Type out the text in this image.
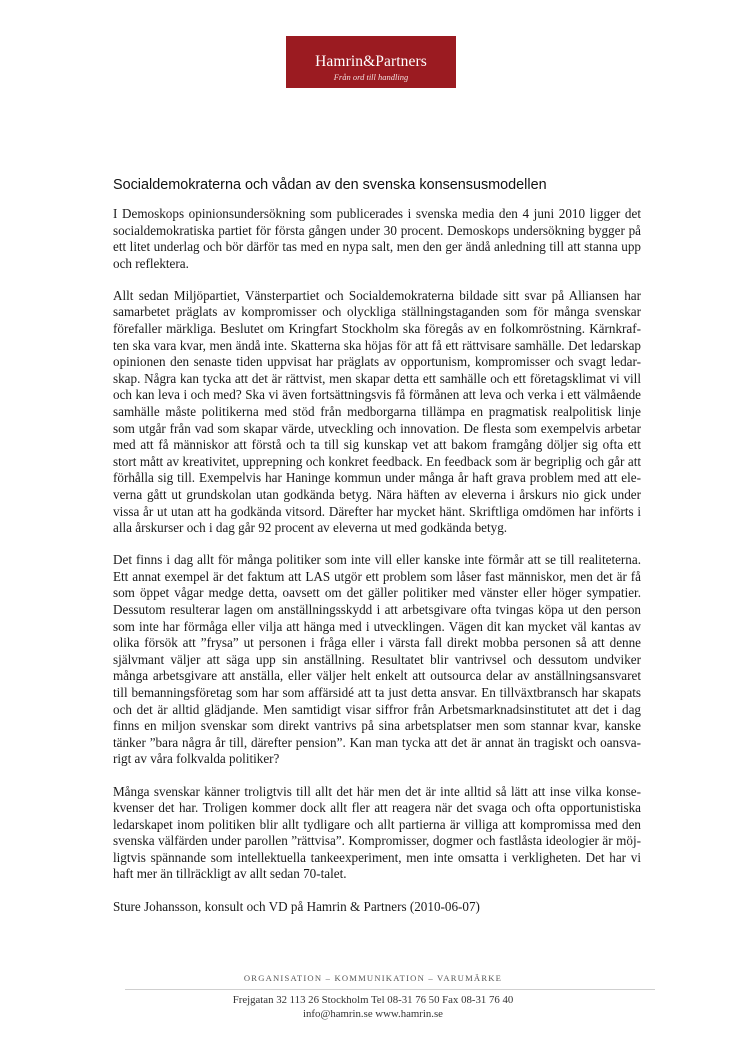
Hamrin&Partners
Från ord till handling
Socialdemokraterna och vådan av den svenska konsensusmodellen

I Demoskops opinionsundersökning som publicerades i svenska media den 4 juni 2010 ligger det
socialdemokratiska partiet för första gången under 30 procent. Demoskops undersökning bygger på
ett litet underlag och bör därför tas med en nypa salt, men den ger ändå anledning till att stanna upp
och reflektera.

Allt sedan Miljöpartiet, Vänsterpartiet och Socialdemokraterna bildade sitt svar på Alliansen har
samarbetet präglats av kompromisser och olyckliga ställningstaganden som för många svenskar
förefaller märkliga. Beslutet om Kringfart Stockholm ska föregås av en folkomröstning. Kärnkraf-
ten ska vara kvar, men ändå inte. Skatterna ska höjas för att få ett rättvisare samhälle. Det ledarskap
opinionen den senaste tiden uppvisat har präglats av opportunism, kompromisser och svagt ledar-
skap. Några kan tycka att det är rättvist, men skapar detta ett samhälle och ett företagsklimat vi vill
och kan leva i och med? Ska vi även fortsättningsvis få förmånen att leva och verka i ett välmående
samhälle måste politikerna med stöd från medborgarna tillämpa en pragmatisk realpolitisk linje
som utgår från vad som skapar värde, utveckling och innovation. De flesta som exempelvis arbetar
med att få människor att förstå och ta till sig kunskap vet att bakom framgång döljer sig ofta ett
stort mått av kreativitet, upprepning och konkret feedback. En feedback som är begriplig och går att
förhålla sig till. Exempelvis har Haninge kommun under många år haft grava problem med att ele-
verna gått ut grundskolan utan godkända betyg. Nära häften av eleverna i årskurs nio gick under
vissa år ut utan att ha godkända vitsord. Därefter har mycket hänt. Skriftliga omdömen har införts i
alla årskurser och i dag går 92 procent av eleverna ut med godkända betyg.

Det finns i dag allt för många politiker som inte vill eller kanske inte förmår att se till realiteterna.
Ett annat exempel är det faktum att LAS utgör ett problem som låser fast människor, men det är få
som öppet vågar medge detta, oavsett om det gäller politiker med vänster eller höger sympatier.
Dessutom resulterar lagen om anställningsskydd i att arbetsgivare ofta tvingas köpa ut den person
som inte har förmåga eller vilja att hänga med i utvecklingen. Vägen dit kan mycket väl kantas av
olika försök att ”frysa” ut personen i fråga eller i värsta fall direkt mobba personen så att denne
självmant väljer att säga upp sin anställning. Resultatet blir vantrivsel och dessutom undviker
många arbetsgivare att anställa, eller väljer helt enkelt att outsourca delar av anställningsansvaret
till bemanningsföretag som har som affärsidé att ta just detta ansvar. En tillväxtbransch har skapats
och det är alltid glädjande. Men samtidigt visar siffror från Arbetsmarknadsinstitutet att det i dag
finns en miljon svenskar som direkt vantrivs på sina arbetsplatser men som stannar kvar, kanske
tänker ”bara några år till, därefter pension”. Kan man tycka att det är annat än tragiskt och oansva-
rigt av våra folkvalda politiker?

Många svenskar känner troligtvis till allt det här men det är inte alltid så lätt att inse vilka konse-
kvenser det har. Troligen kommer dock allt fler att reagera när det svaga och ofta opportunistiska
ledarskapet inom politiken blir allt tydligare och allt partierna är villiga att kompromissa med den
svenska välfärden under parollen ”rättvisa”. Kompromisser, dogmer och fastlåsta ideologier är möj-
ligtvis spännande som intellektuella tankeexperiment, men inte omsatta i verkligheten. Det har vi
haft mer än tillräckligt av allt sedan 70-talet.

Sture Johansson, konsult och VD på Hamrin & Partners (2010-06-07)

ORGANISATION – KOMMUNIKATION – VARUMÄRKE
Frejgatan 32 113 26 Stockholm Tel 08-31 76 50 Fax 08-31 76 40
info@hamrin.se www.hamrin.se
